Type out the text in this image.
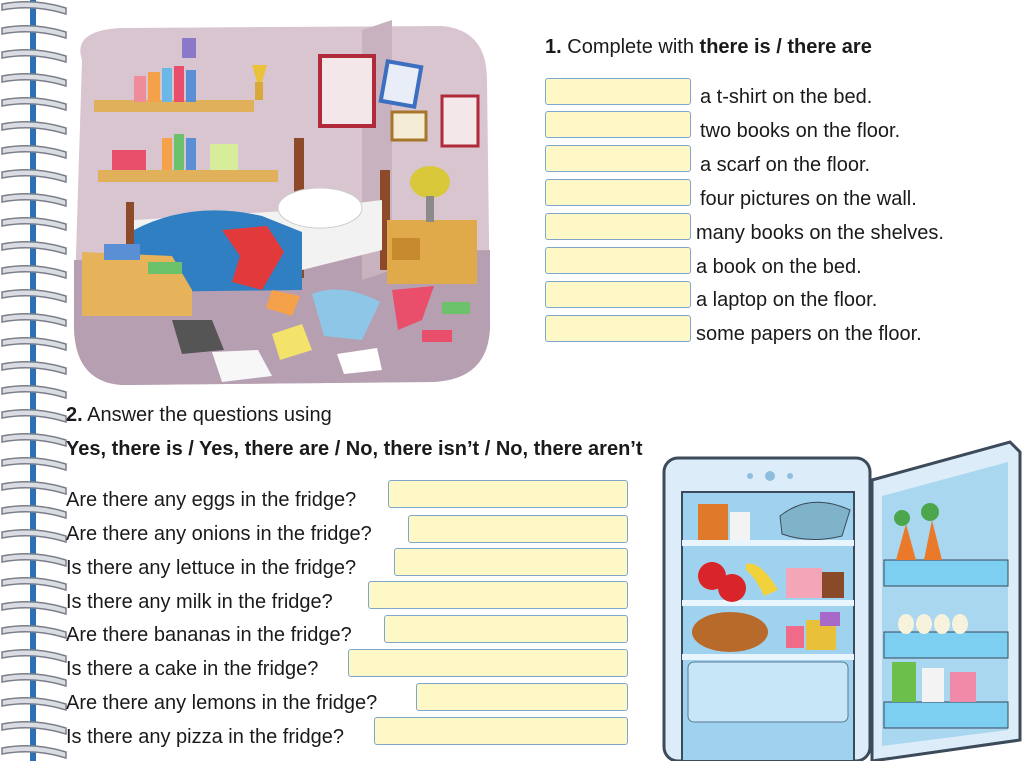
1. Complete with there is / there are
a t-shirt on the bed.
two books on the floor.
a scarf on the floor.
four pictures on the wall.
many books on the shelves.
a book on the bed.
a laptop on the floor.
some papers on the floor.
2. Answer the questions using
Yes, there is / Yes, there are / No, there isn’t / No, there aren’t
Are there any eggs in the fridge?
Are there any onions in the fridge?
Is there any lettuce in the fridge?
Is there any milk in the fridge?
Are there bananas in the fridge?
Is there a cake in the fridge?
Are there any lemons in the fridge?
Is there any pizza in the fridge?
